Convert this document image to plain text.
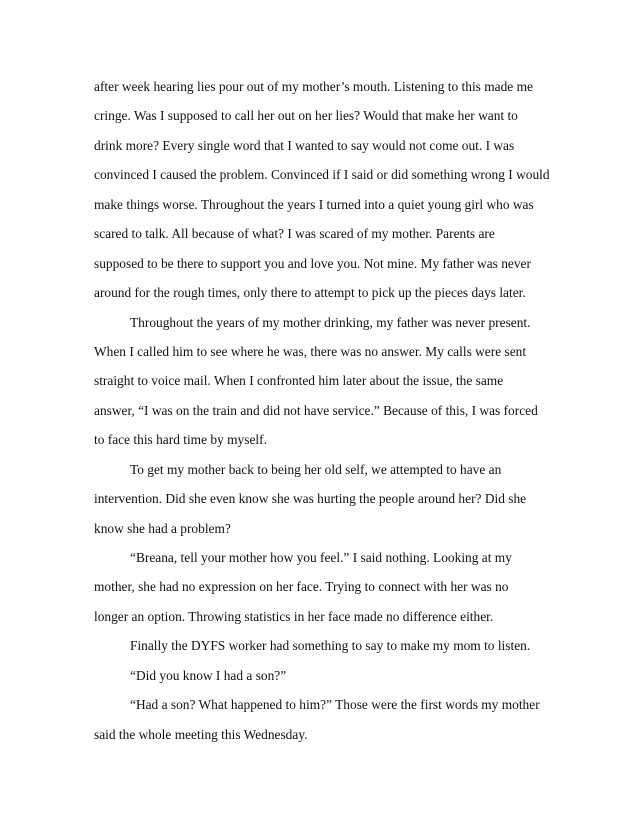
after week hearing lies pour out of my mother’s mouth. Listening to this made me
cringe. Was I supposed to call her out on her lies? Would that make her want to
drink more? Every single word that I wanted to say would not come out. I was
convinced I caused the problem. Convinced if I said or did something wrong I would
make things worse. Throughout the years I turned into a quiet young girl who was
scared to talk. All because of what? I was scared of my mother. Parents are
supposed to be there to support you and love you. Not mine. My father was never
around for the rough times, only there to attempt to pick up the pieces days later.
Throughout the years of my mother drinking, my father was never present.
When I called him to see where he was, there was no answer. My calls were sent
straight to voice mail. When I confronted him later about the issue, the same
answer, “I was on the train and did not have service.” Because of this, I was forced
to face this hard time by myself.
To get my mother back to being her old self, we attempted to have an
intervention. Did she even know she was hurting the people around her? Did she
know she had a problem?
“Breana, tell your mother how you feel.” I said nothing. Looking at my
mother, she had no expression on her face. Trying to connect with her was no
longer an option. Throwing statistics in her face made no difference either.
Finally the DYFS worker had something to say to make my mom to listen.
“Did you know I had a son?”
“Had a son? What happened to him?” Those were the first words my mother
said the whole meeting this Wednesday.
